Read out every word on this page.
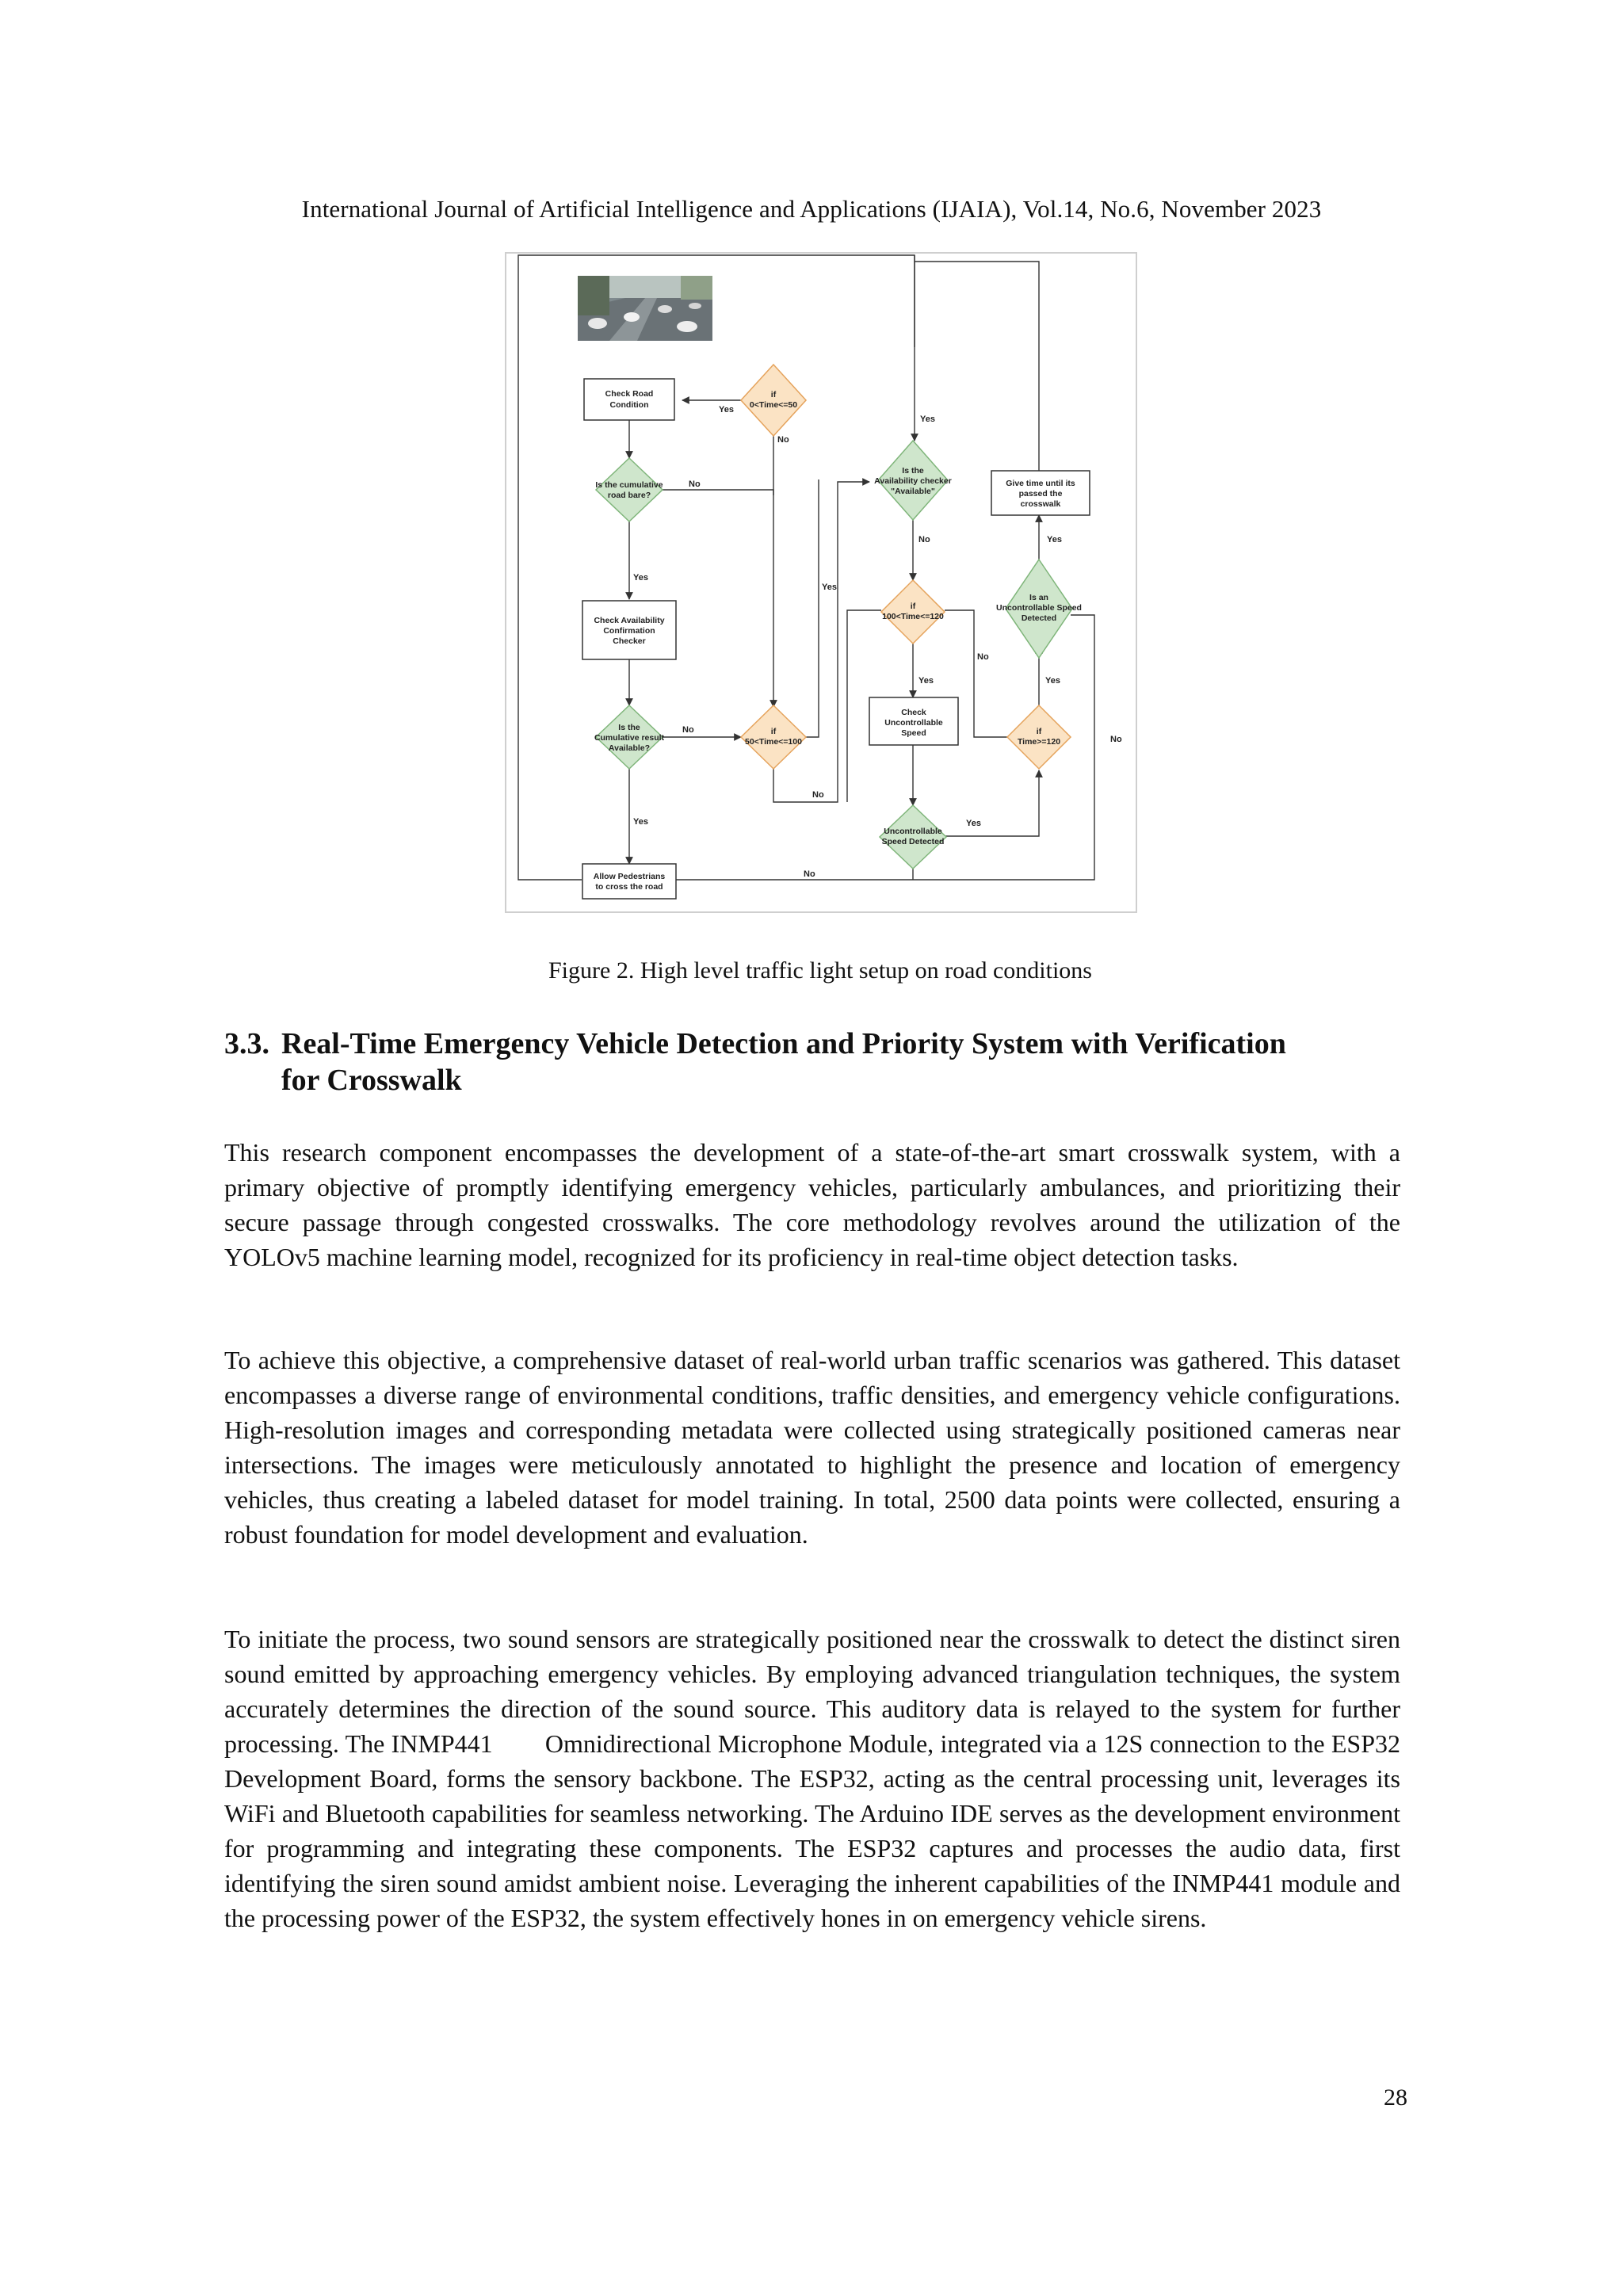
International Journal of Artificial Intelligence and Applications (IJAIA), Vol.14, No.6, November 2023
Check Road
Condition
Check Availability
Confirmation
Checker
Give time until its
passed the
crosswalk
Check
Uncontrollable
Speed
Allow Pedestrians
to cross the road
if
0<Time<=50
Is the cumulative
road bare?
Is the
Availability checker
"Available"
if
100<Time<=120
Is an
Uncontrollable Speed
Detected
Is the
Cumulative result
Available?
if
50<Time<=100
if
Time>=120
Uncontrollable
Speed Detected
Yes
No
No
Yes
Yes
Yes
No	Yes
No
Yes	Yes
No
No
No
Yes	Yes
No
Figure 2. High level traffic light setup on road conditions
3.3. Real-Time Emergency Vehicle Detection and Priority System with Verification
for Crosswalk

This research component encompasses the development of a state-of-the-art smart crosswalk system, with a primary objective of promptly identifying emergency vehicles, particularly ambulances, and prioritizing their secure passage through congested crosswalks. The core methodology revolves around the utilization of the YOLOv5 machine learning model, recognized for its proficiency in real-time object detection tasks.

To achieve this objective, a comprehensive dataset of real-world urban traffic scenarios was gathered. This dataset encompasses a diverse range of environmental conditions, traffic densities, and emergency vehicle configurations. High-resolution images and corresponding metadata were collected using strategically positioned cameras near intersections. The images were meticulously annotated to highlight the presence and location of emergency vehicles, thus creating a labeled dataset for model training. In total, 2500 data points were collected, ensuring a robust foundation for model development and evaluation.

To initiate the process, two sound sensors are strategically positioned near the crosswalk to detect the distinct siren sound emitted by approaching emergency vehicles. By employing advanced triangulation techniques, the system accurately determines the direction of the sound source. This auditory data is relayed to the system for further processing. The INMP441        Omnidirectional Microphone Module, integrated via a 12S connection to the ESP32 Development Board, forms the sensory backbone. The ESP32, acting as the central processing unit, leverages its WiFi and Bluetooth capabilities for seamless networking. The Arduino IDE serves as the development environment for programming and integrating these components. The ESP32 captures and processes the audio data, first identifying the siren sound amidst ambient noise. Leveraging the inherent capabilities of the INMP441 module and the processing power of the ESP32, the system effectively hones in on emergency vehicle sirens.

28
